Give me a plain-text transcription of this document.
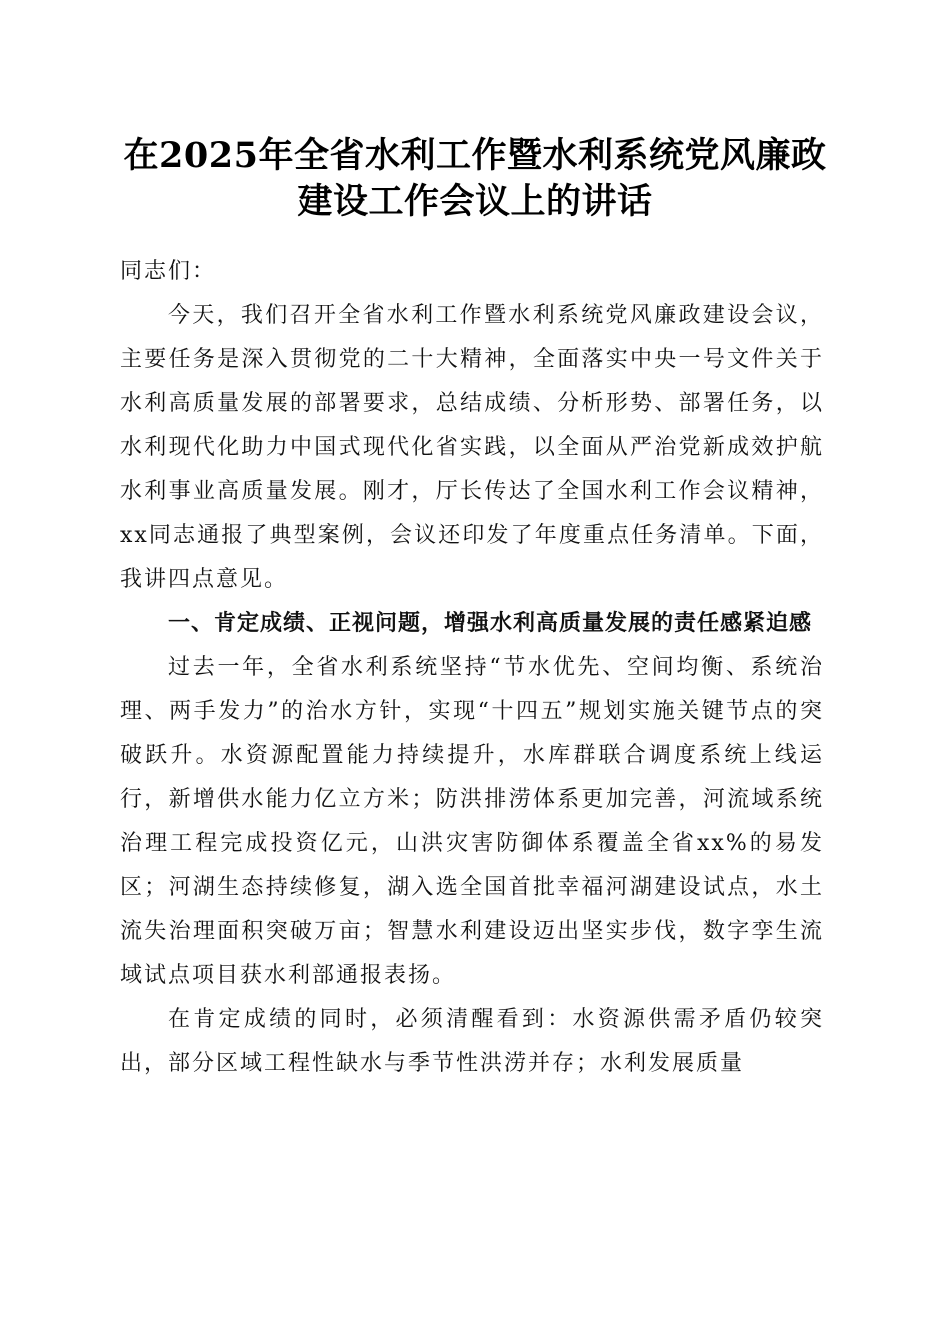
在2025年全省水利工作暨水利系统党风廉政
建设工作会议上的讲话

同志们：

今天，我们召开全省水利工作暨水利系统党风廉政建设会议，主要任务是深入贯彻党的二十大精神，全面落实中央一号文件关于水利高质量发展的部署要求，总结成绩、分析形势、部署任务，以水利现代化助力中国式现代化省实践，以全面从严治党新成效护航水利事业高质量发展。刚才，厅长传达了全国水利工作会议精神，xx同志通报了典型案例，会议还印发了年度重点任务清单。下面，我讲四点意见。

一、肯定成绩、正视问题，增强水利高质量发展的责任感紧迫感

过去一年，全省水利系统坚持“节水优先、空间均衡、系统治理、两手发力”的治水方针，实现“十四五”规划实施关键节点的突破跃升。水资源配置能力持续提升，水库群联合调度系统上线运行，新增供水能力亿立方米；防洪排涝体系更加完善，河流域系统治理工程完成投资亿元，山洪灾害防御体系覆盖全省xx%的易发区；河湖生态持续修复，湖入选全国首批幸福河湖建设试点，水土流失治理面积突破万亩；智慧水利建设迈出坚实步伐，数字孪生流域试点项目获水利部通报表扬。

在肯定成绩的同时，必须清醒看到：水资源供需矛盾仍较突出，部分区域工程性缺水与季节性洪涝并存；水利发展质量
